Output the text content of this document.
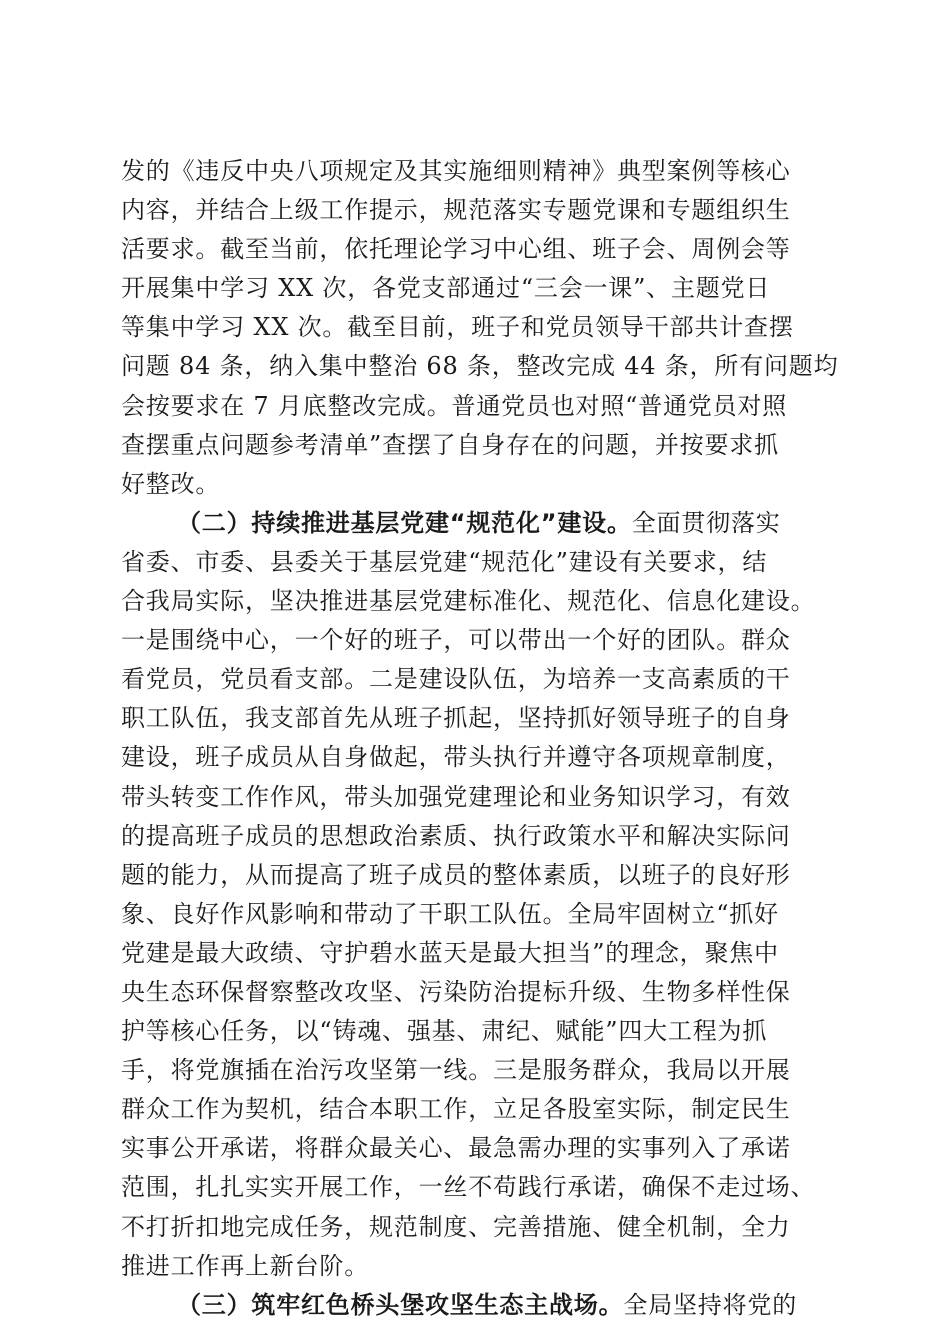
发的《违反中央八项规定及其实施细则精神》典型案例等核心
内容，并结合上级工作提示，规范落实专题党课和专题组织生
活要求。截至当前，依托理论学习中心组、班子会、周例会等
开展集中学习 XX 次，各党支部通过“三会一课”、主题党日
等集中学习 XX 次。截至目前，班子和党员领导干部共计查摆
问题 84 条，纳入集中整治 68 条，整改完成 44 条，所有问题均
会按要求在 7 月底整改完成。普通党员也对照“普通党员对照
查摆重点问题参考清单”查摆了自身存在的问题，并按要求抓
好整改。
（二）持续推进基层党建“规范化”建设。全面贯彻落实
省委、市委、县委关于基层党建“规范化”建设有关要求，结
合我局实际，坚决推进基层党建标准化、规范化、信息化建设。
一是围绕中心，一个好的班子，可以带出一个好的团队。群众
看党员，党员看支部。二是建设队伍，为培养一支高素质的干
职工队伍，我支部首先从班子抓起，坚持抓好领导班子的自身
建设，班子成员从自身做起，带头执行并遵守各项规章制度，
带头转变工作作风，带头加强党建理论和业务知识学习，有效
的提高班子成员的思想政治素质、执行政策水平和解决实际问
题的能力，从而提高了班子成员的整体素质，以班子的良好形
象、良好作风影响和带动了干职工队伍。全局牢固树立“抓好
党建是最大政绩、守护碧水蓝天是最大担当”的理念，聚焦中
央生态环保督察整改攻坚、污染防治提标升级、生物多样性保
护等核心任务，以“铸魂、强基、肃纪、赋能”四大工程为抓
手，将党旗插在治污攻坚第一线。三是服务群众，我局以开展
群众工作为契机，结合本职工作，立足各股室实际，制定民生
实事公开承诺，将群众最关心、最急需办理的实事列入了承诺
范围，扎扎实实开展工作，一丝不苟践行承诺，确保不走过场、
不打折扣地完成任务，规范制度、完善措施、健全机制，全力
推进工作再上新台阶。
（三）筑牢红色桥头堡攻坚生态主战场。全局坚持将党的
